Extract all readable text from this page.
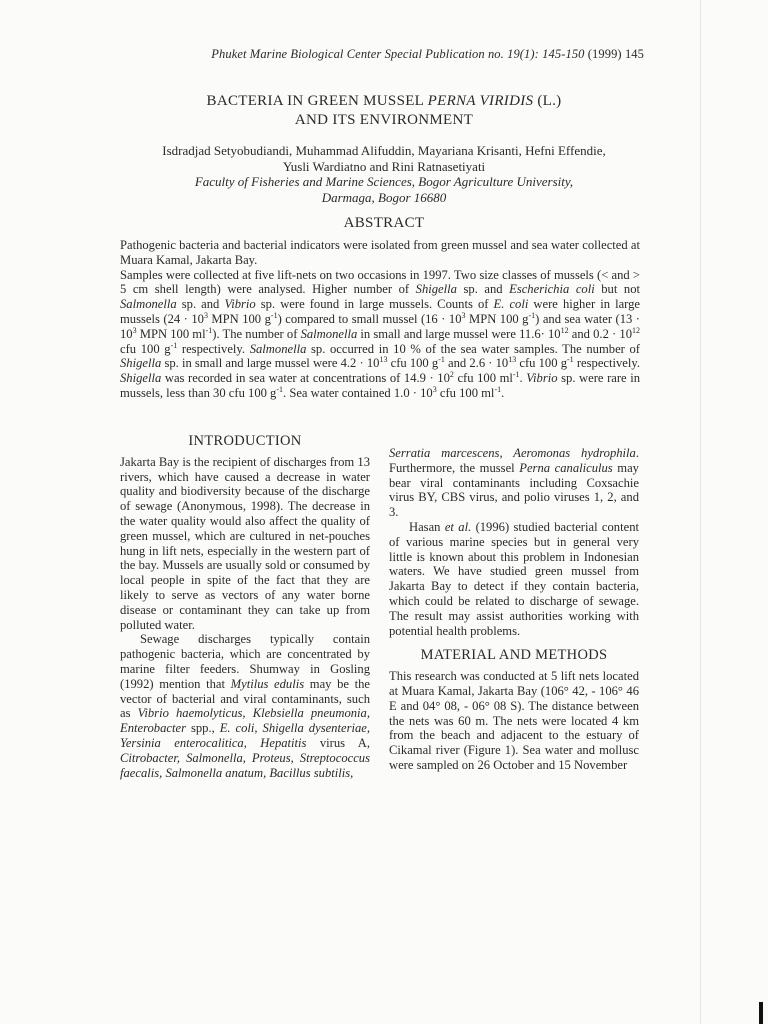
Phuket Marine Biological Center Special Publication no. 19(1): 145-150 (1999) 145
BACTERIA IN GREEN MUSSEL PERNA VIRIDIS (L.)
AND ITS ENVIRONMENT
Isdradjad Setyobudiandi, Muhammad Alifuddin, Mayariana Krisanti, Hefni Effendie,
Yusli Wardiatno and Rini Ratnasetiyati
Faculty of Fisheries and Marine Sciences, Bogor Agriculture University,
Darmaga, Bogor 16680
ABSTRACT

Pathogenic bacteria and bacterial indicators were isolated from green mussel and sea water collected at Muara Kamal, Jakarta Bay.

Samples were collected at five lift-nets on two occasions in 1997. Two size classes of mussels (< and > 5 cm shell length) were analysed. Higher number of Shigella sp. and Escherichia coli but not Salmonella sp. and Vibrio sp. were found in large mussels. Counts of E. coli were higher in large mussels ($24 \cdot 10^3$ MPN 100 $g^{-1}$) compared to small mussel ($16 \cdot 10^3$ MPN 100 $g^{-1}$) and sea water ($13 \cdot 10^3$ MPN 100 $ml^{-1}$). The number of Salmonella in small and large mussel were $11.6\cdot 10^{12}$ and $0.2 \cdot 10^{12}$ cfu 100 $g^{-1}$ respectively. Salmonella sp. occurred in 10 % of the sea water samples. The number of Shigella sp. in small and large mussel were $4.2 \cdot 10^{13}$ cfu 100 $g^{-1}$ and $2.6 \cdot 10^{13}$ cfu 100 $g^{-1}$ respectively. Shigella was recorded in sea water at concentrations of $14.9 \cdot 10^2$ cfu 100 $ml^{-1}$. Vibrio sp. were rare in mussels, less than 30 cfu 100 $g^{-1}$. Sea water contained $1.0 \cdot 10^3$ cfu 100 $ml^{-1}$.

INTRODUCTION

Jakarta Bay is the recipient of discharges from 13 rivers, which have caused a decrease in water quality and biodiversity because of the discharge of sewage (Anonymous, 1998). The decrease in the water quality would also affect the quality of green mussel, which are cultured in net-pouches hung in lift nets, especially in the western part of the bay. Mussels are usually sold or consumed by local people in spite of the fact that they are likely to serve as vectors of any water borne disease or contaminant they can take up from polluted water.

Sewage discharges typically contain pathogenic bacteria, which are concentrated by marine filter feeders. Shumway in Gosling (1992) mention that Mytilus edulis may be the vector of bacterial and viral contaminants, such as Vibrio haemolyticus, Klebsiella pneumonia, Enterobacter spp., E. coli, Shigella dysenteriae, Yersinia enterocalitica, Hepatitis virus A, Citrobacter, Salmonella, Proteus, Streptococcus faecalis, Salmonella anatum, Bacillus subtilis,

Serratia marcescens, Aeromonas hydrophila. Furthermore, the mussel Perna canaliculus may bear viral contaminants including Coxsachie virus BY, CBS virus, and polio viruses 1, 2, and 3.

Hasan et al. (1996) studied bacterial content of various marine species but in general very little is known about this problem in Indonesian waters. We have studied green mussel from Jakarta Bay to detect if they contain bacteria, which could be related to discharge of sewage. The result may assist authorities working with potential health problems.

MATERIAL AND METHODS

This research was conducted at 5 lift nets located at Muara Kamal, Jakarta Bay (106° 42, - 106° 46 E and 04° 08, - 06° 08 S). The distance between the nets was 60 m. The nets were located 4 km from the beach and adjacent to the estuary of Cikamal river (Figure 1). Sea water and mollusc were sampled on 26 October and 15 November
